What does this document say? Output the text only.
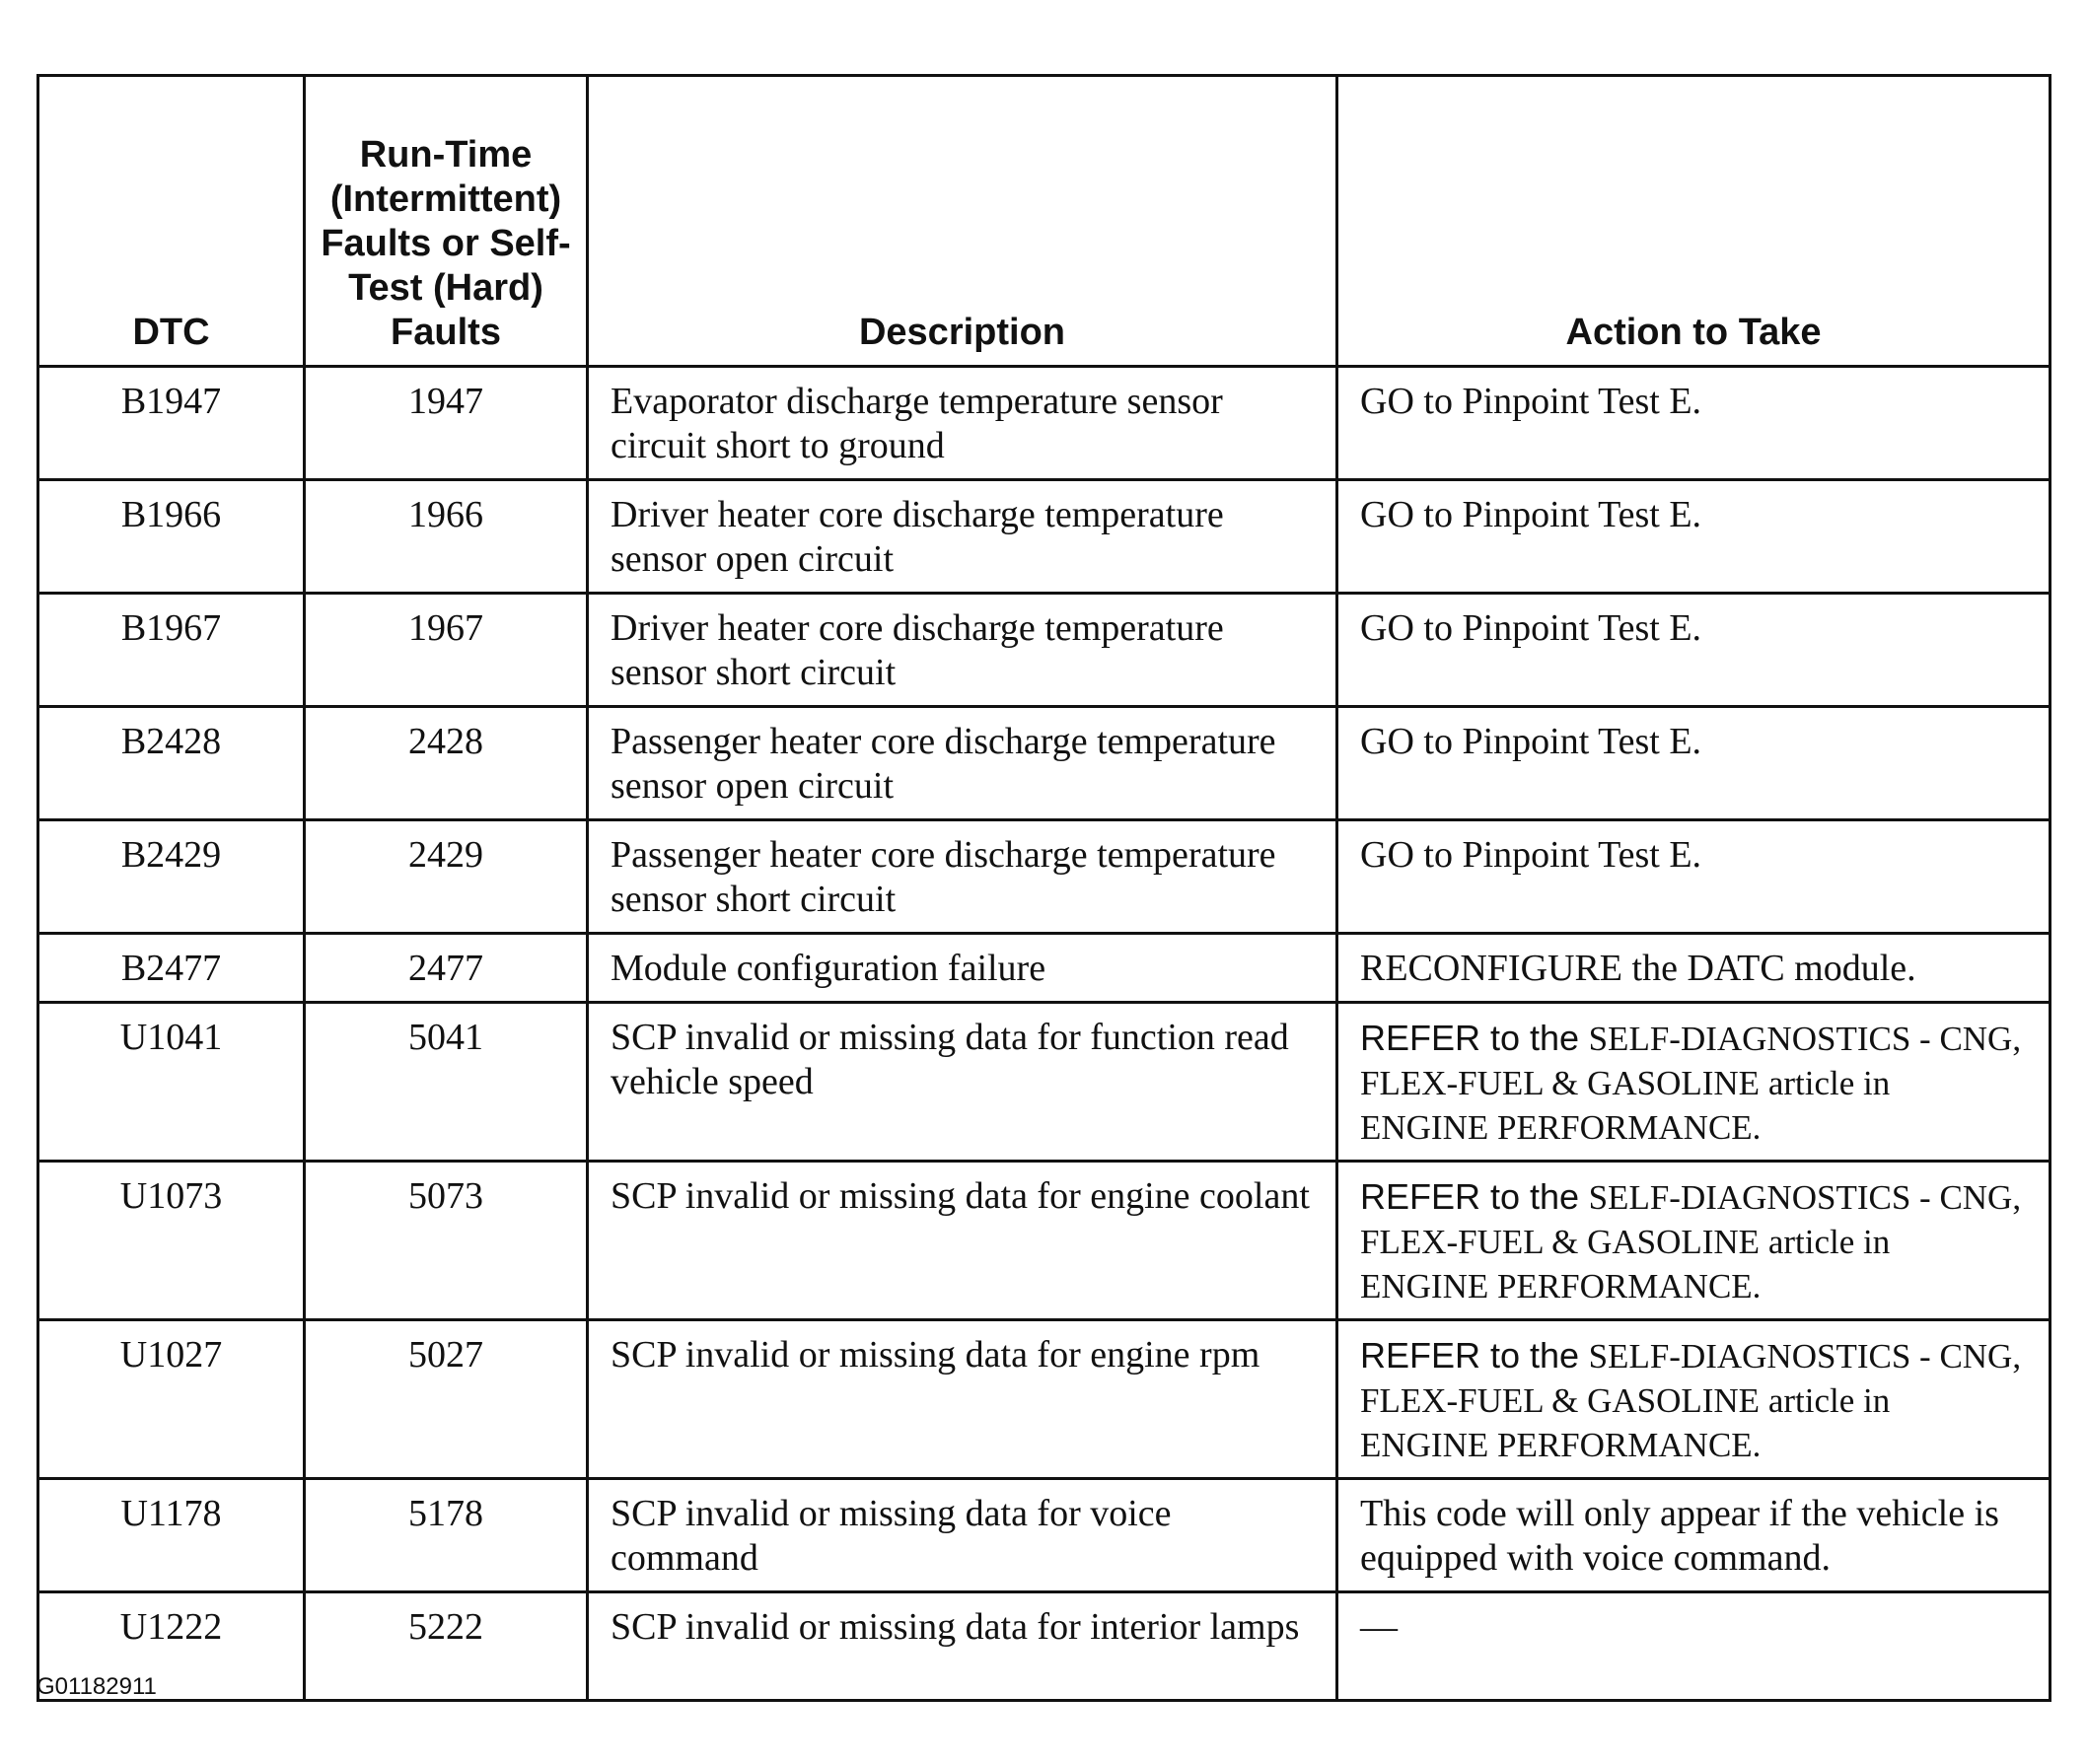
DTC	Run-Time (Intermittent) Faults or Self-Test (Hard) Faults	Description	Action to Take
B1947	1947	Evaporator discharge temperature sensor circuit short to ground	GO to Pinpoint Test E.
B1966	1966	Driver heater core discharge temperature sensor open circuit	GO to Pinpoint Test E.
B1967	1967	Driver heater core discharge temperature sensor short circuit	GO to Pinpoint Test E.
B2428	2428	Passenger heater core discharge temperature sensor open circuit	GO to Pinpoint Test E.
B2429	2429	Passenger heater core discharge temperature sensor short circuit	GO to Pinpoint Test E.
B2477	2477	Module configuration failure	RECONFIGURE the DATC module.
U1041	5041	SCP invalid or missing data for function read vehicle speed	REFER to the SELF-DIAGNOSTICS - CNG, FLEX-FUEL & GASOLINE article in ENGINE PERFORMANCE.
U1073	5073	SCP invalid or missing data for engine coolant	REFER to the SELF-DIAGNOSTICS - CNG, FLEX-FUEL & GASOLINE article in ENGINE PERFORMANCE.
U1027	5027	SCP invalid or missing data for engine rpm	REFER to the SELF-DIAGNOSTICS - CNG, FLEX-FUEL & GASOLINE article in ENGINE PERFORMANCE.
U1178	5178	SCP invalid or missing data for voice command	This code will only appear if the vehicle is equipped with voice command.
U1222	5222	SCP invalid or missing data for interior lamps	—
G01182911
